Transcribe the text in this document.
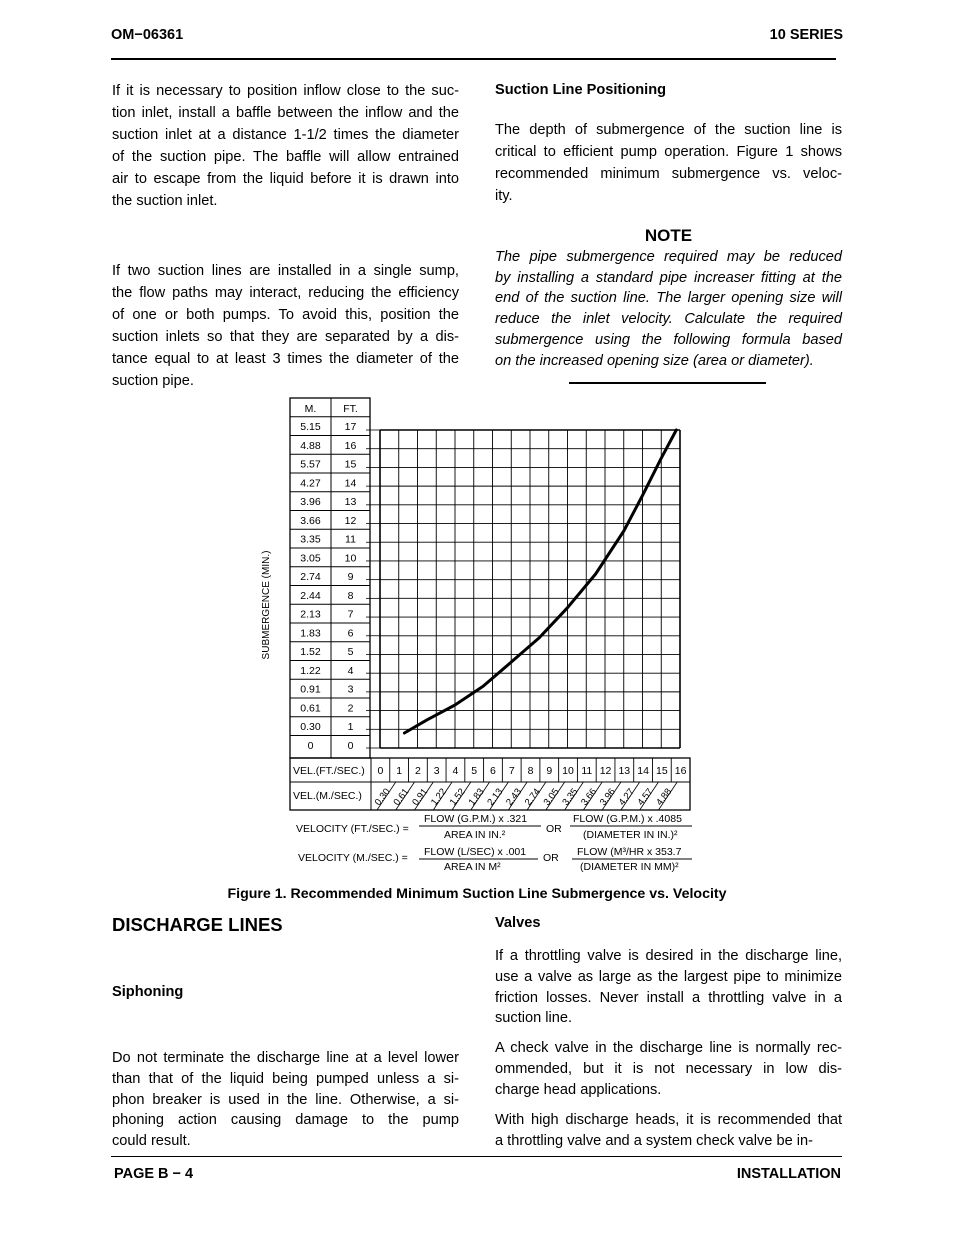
OM−06361	10 SERIES
If it is necessary to position inflow close to the suc-
tion inlet, install a baffle between the inflow and the
suction inlet at a distance 1-1/2 times the diameter
of the suction pipe. The baffle will allow entrained
air to escape from the liquid before it is drawn into
the suction inlet.
If two suction lines are installed in a single sump,
the flow paths may interact, reducing the efficiency
of one or both pumps. To avoid this, position the
suction inlets so that they are separated by a dis-
tance equal to at least 3 times the diameter of the
suction pipe.
Suction Line Positioning
The depth of submergence of the suction line is
critical to efficient pump operation. Figure 1 shows
recommended minimum submergence vs. veloc-
ity.
NOTE
The pipe submergence required may be reduced
by installing a standard pipe increaser fitting at the
end of the suction line. The larger opening size will
reduce the inlet velocity. Calculate the required
submergence using the following formula based
on the increased opening size (area or diameter).
M.	FT.
5.15 17
4.88 16
5.57 15
4.27 14
3.96 13
3.66 12
3.35 11
3.05 10
2.74	9
2.44	8
2.13	7
1.83	6
1.52	5
1.22	4
0.91	3
0.61	2
0.30	1
0	0
SUBMERGENCE (MIN.)
VEL.(FT./SEC.)
VEL.(M./SEC.)
0 1 2 3 4 5 6 7 8 9 10 11 12 13 14 15 16
0.30
0.61
0.91
1.22
1.52
1.83
2.13
2.43
2.74
3.05
3.35
3.66
3.96
4.27
4.57
4.88
VELOCITY (FT./SEC.) =
FLOW (G.P.M.) x .321
AREA IN IN.²	OR
FLOW (G.P.M.) x .4085
(DIAMETER IN IN.)²
VELOCITY (M./SEC.) = FLOW (L/SEC) x .001
AREA IN M²
OR FLOW (M³/HR x 353.7
(DIAMETER IN MM)²
Figure 1. Recommended Minimum Suction Line Submergence vs. Velocity
DISCHARGE LINES
Siphoning
Do not terminate the discharge line at a level lower
than that of the liquid being pumped unless a si-
phon breaker is used in the line. Otherwise, a si-
phoning action causing damage to the pump
could result.
Valves
If a throttling valve is desired in the discharge line,
use a valve as large as the largest pipe to minimize
friction losses. Never install a throttling valve in a
suction line.
A check valve in the discharge line is normally rec-
ommended, but it is not necessary in low dis-
charge head applications.
With high discharge heads, it is recommended that
a throttling valve and a system check valve be in-
PAGE B − 4	INSTALLATION
